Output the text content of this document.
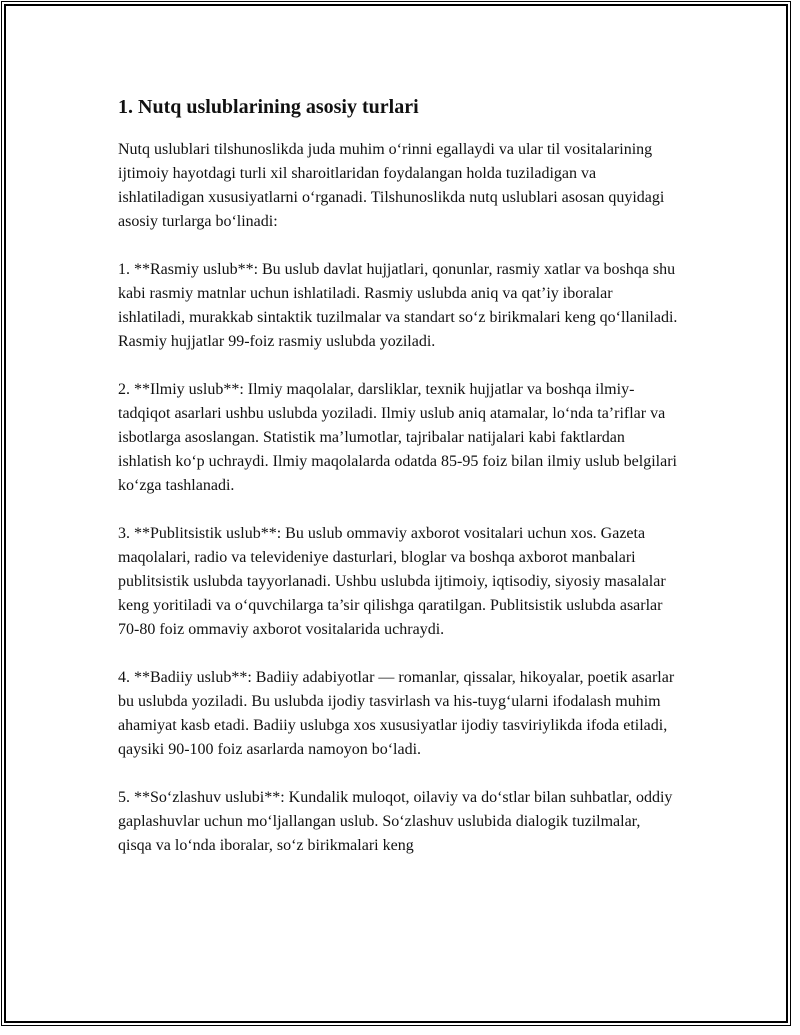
1. Nutq uslublarining asosiy turlari

Nutq uslublari tilshunoslikda juda muhim o‘rinni egallaydi va ular til vositalarining ijtimoiy hayotdagi turli xil sharoitlaridan foydalangan holda tuziladigan va ishlatiladigan xususiyatlarni o‘rganadi. Tilshunoslikda nutq uslublari asosan quyidagi asosiy turlarga bo‘linadi:

1. **Rasmiy uslub**: Bu uslub davlat hujjatlari, qonunlar, rasmiy xatlar va boshqa shu kabi rasmiy matnlar uchun ishlatiladi. Rasmiy uslubda aniq va qat’iy iboralar ishlatiladi, murakkab sintaktik tuzilmalar va standart so‘z birikmalari keng qo‘llaniladi. Rasmiy hujjatlar 99-foiz rasmiy uslubda yoziladi.

2. **Ilmiy uslub**: Ilmiy maqolalar, darsliklar, texnik hujjatlar va boshqa ilmiy-tadqiqot asarlari ushbu uslubda yoziladi. Ilmiy uslub aniq atamalar, lo‘nda ta’riflar va isbotlarga asoslangan. Statistik ma’lumotlar, tajribalar natijalari kabi faktlardan ishlatish ko‘p uchraydi. Ilmiy maqolalarda odatda 85-95 foiz bilan ilmiy uslub belgilari ko‘zga tashlanadi.

3. **Publitsistik uslub**: Bu uslub ommaviy axborot vositalari uchun xos. Gazeta maqolalari, radio va televideniye dasturlari, bloglar va boshqa axborot manbalari publitsistik uslubda tayyorlanadi. Ushbu uslubda ijtimoiy, iqtisodiy, siyosiy masalalar keng yoritiladi va o‘quvchilarga ta’sir qilishga qaratilgan. Publitsistik uslubda asarlar 70-80 foiz ommaviy axborot vositalarida uchraydi.

4. **Badiiy uslub**: Badiiy adabiyotlar — romanlar, qissalar, hikoyalar, poetik asarlar bu uslubda yoziladi. Bu uslubda ijodiy tasvirlash va his-tuyg‘ularni ifodalash muhim ahamiyat kasb etadi. Badiiy uslubga xos xususiyatlar ijodiy tasviriylikda ifoda etiladi, qaysiki 90-100 foiz asarlarda namoyon bo‘ladi.

5. **So‘zlashuv uslubi**: Kundalik muloqot, oilaviy va do‘stlar bilan suhbatlar, oddiy gaplashuvlar uchun mo‘ljallangan uslub. So‘zlashuv uslubida dialogik tuzilmalar, qisqa va lo‘nda iboralar, so‘z birikmalari keng
